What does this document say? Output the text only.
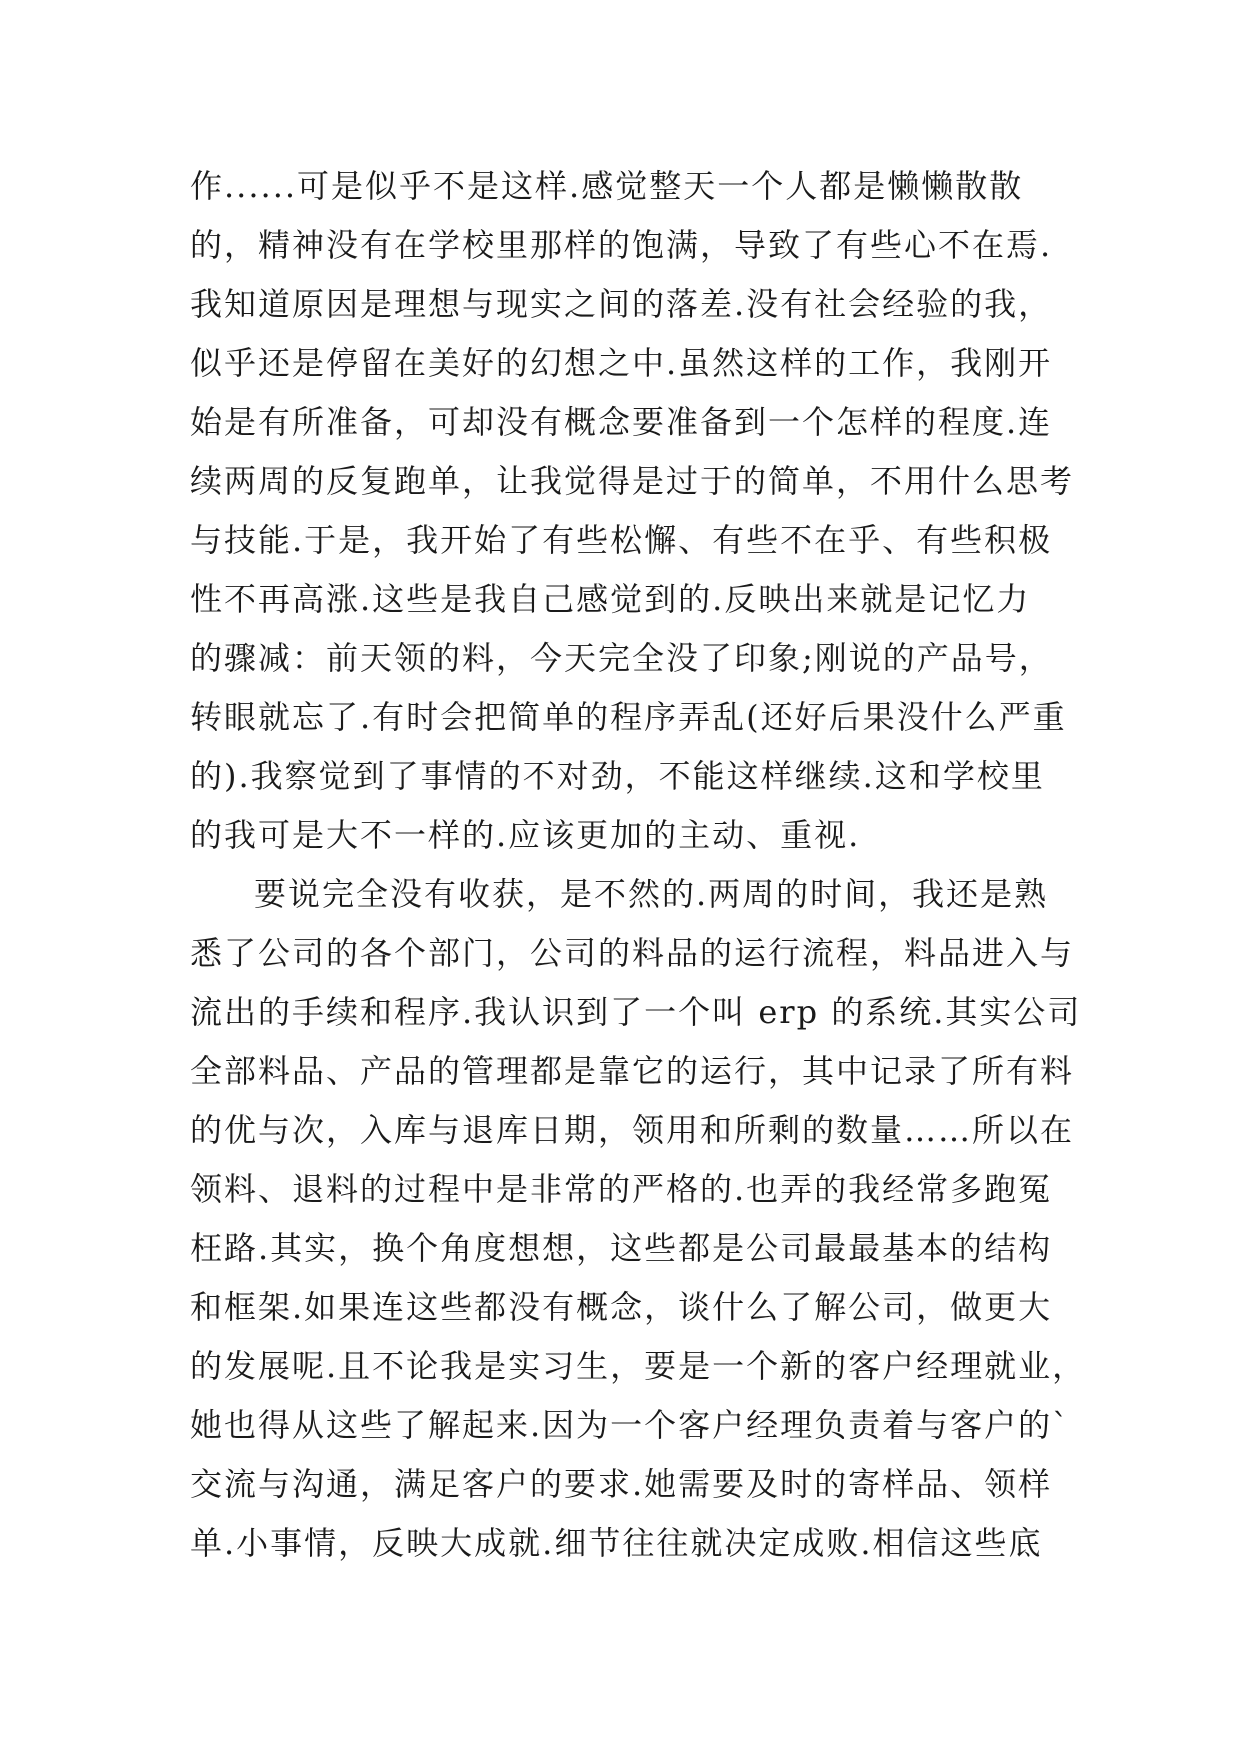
作......可是似乎不是这样.感觉整天一个人都是懒懒散散
的，精神没有在学校里那样的饱满，导致了有些心不在焉.
我知道原因是理想与现实之间的落差.没有社会经验的我，
似乎还是停留在美好的幻想之中.虽然这样的工作，我刚开
始是有所准备，可却没有概念要准备到一个怎样的程度.连
续两周的反复跑单，让我觉得是过于的简单，不用什么思考
与技能.于是，我开始了有些松懈、有些不在乎、有些积极
性不再高涨.这些是我自己感觉到的.反映出来就是记忆力
的骤减：前天领的料，今天完全没了印象;刚说的产品号，
转眼就忘了.有时会把简单的程序弄乱(还好后果没什么严重
的).我察觉到了事情的不对劲，不能这样继续.这和学校里
的我可是大不一样的.应该更加的主动、重视.
要说完全没有收获，是不然的.两周的时间，我还是熟
悉了公司的各个部门，公司的料品的运行流程，料品进入与
流出的手续和程序.我认识到了一个叫 erp 的系统.其实公司
全部料品、产品的管理都是靠它的运行，其中记录了所有料
的优与次，入库与退库日期，领用和所剩的数量……所以在
领料、退料的过程中是非常的严格的.也弄的我经常多跑冤
枉路.其实，换个角度想想，这些都是公司最最基本的结构
和框架.如果连这些都没有概念，谈什么了解公司，做更大
的发展呢.且不论我是实习生，要是一个新的客户经理就业，
她也得从这些了解起来.因为一个客户经理负责着与客户的`
交流与沟通，满足客户的要求.她需要及时的寄样品、领样
单.小事情，反映大成就.细节往往就决定成败.相信这些底
